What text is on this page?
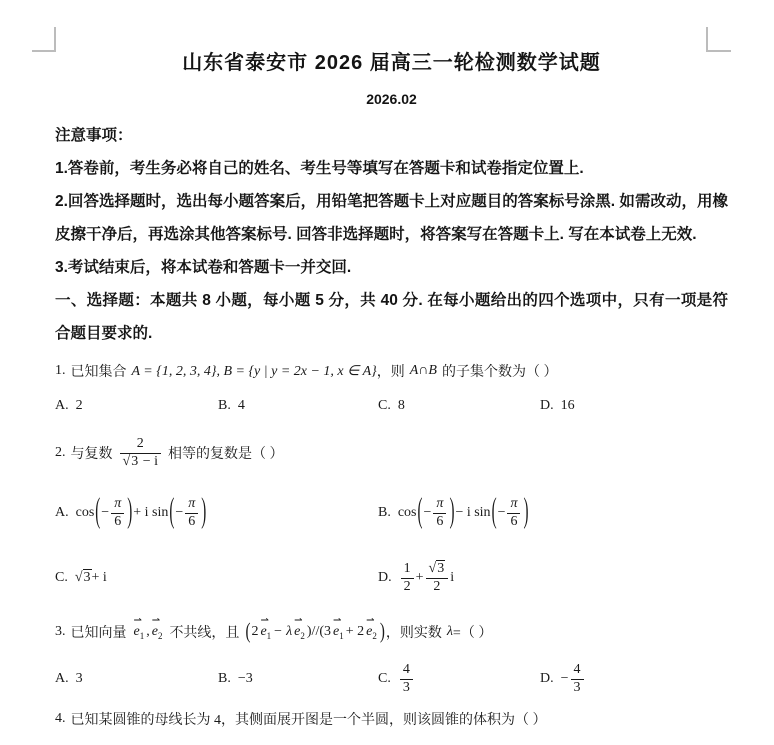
山东省泰安市 2026 届高三一轮检测数学试题
2026.02

注意事项：

1.答卷前，考生务必将自己的姓名、考生号等填写在答题卡和试卷指定位置上.

2.回答选择题时，选出每小题答案后，用铅笔把答题卡上对应题目的答案标号涂黑. 如需改动，用橡皮擦干净后，再选涂其他答案标号. 回答非选择题时，将答案写在答题卡上. 写在本试卷上无效.

3.考试结束后，将本试卷和答题卡一并交回.

一、选择题：本题共 8 小题，每小题 5 分，共 40 分. 在每小题给出的四个选项中，只有一项是符合题目要求的.

1. 已知集合 A = {1, 2, 3, 4}, B = {y | y = 2x − 1, x ∈ A} ，则 A∩B 的子集个数为（ ）
A. 2	B. 4	C. 8	D. 16
2. 与复数 $\frac{2}{√3 - i}$ 相等的复数是（ ）
A. cos ( − $\frac{\pi}{6}$ ) + i sin ( − $\frac{\pi}{6}$ )	B. cos ( − $\frac{\pi}{6}$ ) − i sin ( − $\frac{\pi}{6}$ )
C. √3 + i	D. $\frac{1}{2} + \frac{√3}{2}$ i
3. 已知向量 ⇀ $e_1$ , ⇀ $e_2$ 不共线，且 ( 2 ⇀ $e_1 - \lambda$ ⇀ $e_2$ )//( 3 ⇀ $e_1 + 2$ ⇀ $e_2$ ) ，则实数 λ =（ ）
A. 3	B. −3	C. $\frac{4}{3}$	D. − $\frac{4}{3}$
4. 已知某圆锥的母线长为 4，其侧面展开图是一个半圆，则该圆锥的体积为（ ）
